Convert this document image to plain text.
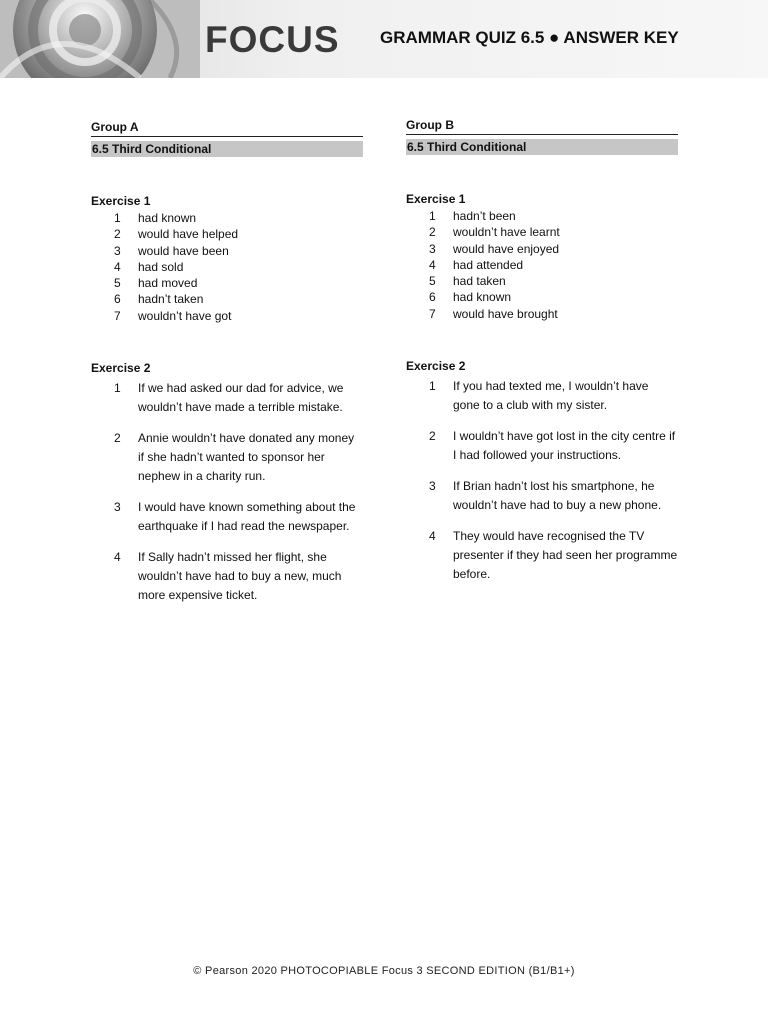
FOCUS GRAMMAR QUIZ 6.5 ● ANSWER KEY
Group A
6.5 Third Conditional
Exercise 1
1	had known
2	would have helped
3	would have been
4	had sold
5	had moved
6	hadn’t taken
7	wouldn’t have got
Exercise 2
1	If we had asked our dad for advice, we wouldn’t have made a terrible mistake.
2	Annie wouldn’t have donated any money if she hadn’t wanted to sponsor her nephew in a charity run.
3	I would have known something about the earthquake if I had read the newspaper.
4	If Sally hadn’t missed her flight, she wouldn’t have had to buy a new, much more expensive ticket.
Group B
6.5 Third Conditional
Exercise 1
1	hadn’t been
2	wouldn’t have learnt
3	would have enjoyed
4	had attended
5	had taken
6	had known
7	would have brought
Exercise 2
1	If you had texted me, I wouldn’t have gone to a club with my sister.
2	I wouldn’t have got lost in the city centre if I had followed your instructions.
3	If Brian hadn’t lost his smartphone, he wouldn’t have had to buy a new phone.
4	They would have recognised the TV presenter if they had seen her programme before.
© Pearson 2020 PHOTOCOPIABLE Focus 3 SECOND EDITION (B1/B1+)
